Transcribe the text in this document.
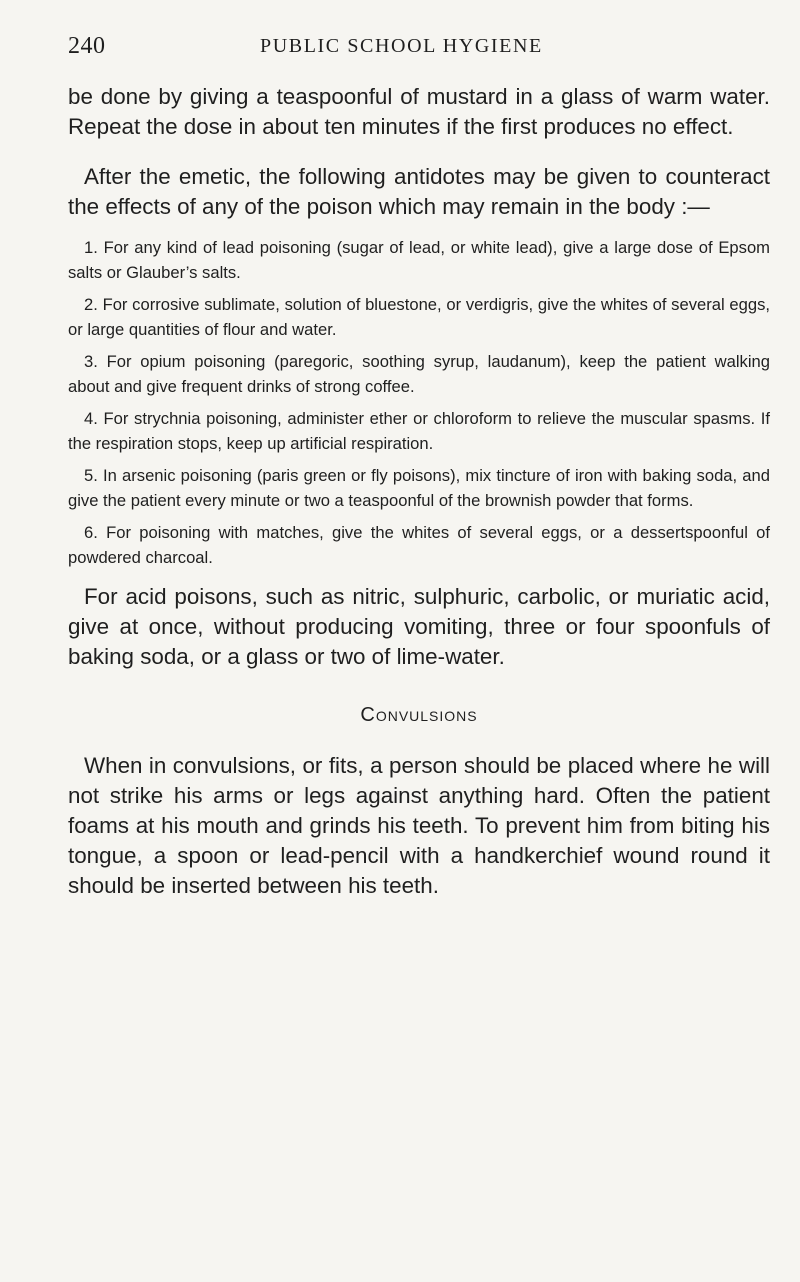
240	PUBLIC SCHOOL HYGIENE

be done by giving a teaspoonful of mustard in a glass of warm water. Repeat the dose in about ten minutes if the first produces no effect.

After the emetic, the following antidotes may be given to counteract the effects of any of the poison which may remain in the body :—

1. For any kind of lead poisoning (sugar of lead, or white lead), give a large dose of Epsom salts or Glauber’s salts.
2. For corrosive sublimate, solution of bluestone, or verdigris, give the whites of several eggs, or large quantities of flour and water.
3. For opium poisoning (paregoric, soothing syrup, laudanum), keep the patient walking about and give frequent drinks of strong coffee.
4. For strychnia poisoning, administer ether or chloroform to relieve the muscular spasms. If the respiration stops, keep up artificial respiration.
5. In arsenic poisoning (paris green or fly poisons), mix tincture of iron with baking soda, and give the patient every minute or two a teaspoonful of the brownish powder that forms.
6. For poisoning with matches, give the whites of several eggs, or a dessertspoonful of powdered charcoal.

For acid poisons, such as nitric, sulphuric, carbolic, or muriatic acid, give at once, without producing vomiting, three or four spoonfuls of baking soda, or a glass or two of lime-water.

Convulsions

When in convulsions, or fits, a person should be placed where he will not strike his arms or legs against anything hard. Often the patient foams at his mouth and grinds his teeth. To prevent him from biting his tongue, a spoon or lead-pencil with a handkerchief wound round it should be inserted between his teeth.
